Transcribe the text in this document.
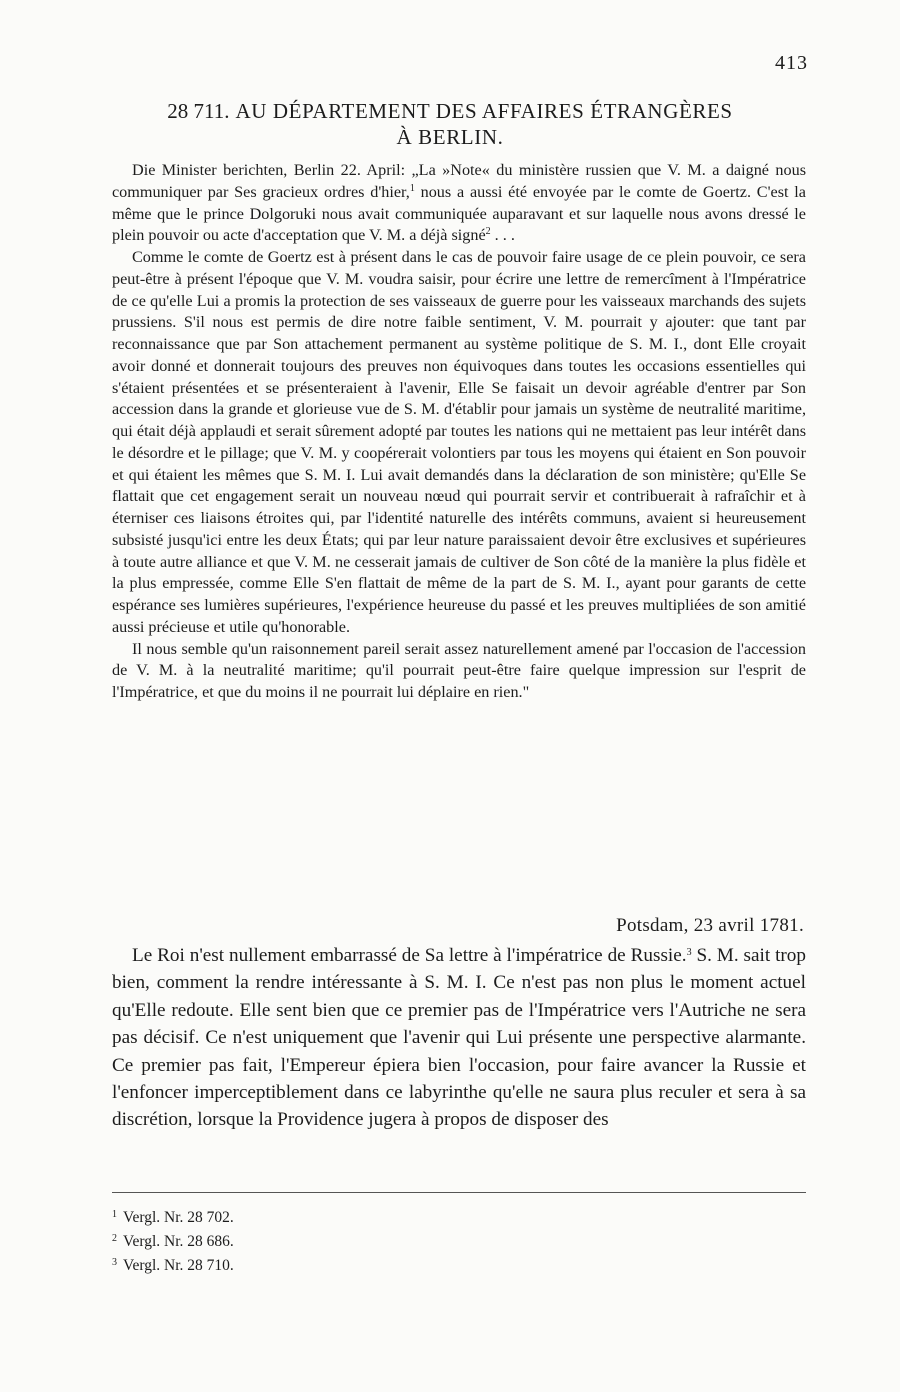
413
28 711. AU DÉPARTEMENT DES AFFAIRES ÉTRANGÈRES
À BERLIN.

Die Minister berichten, Berlin 22. April: „La »Note« du ministère russien que V. M. a daigné nous communiquer par Ses gracieux ordres d'hier,$^1$ nous a aussi été envoyée par le comte de Goertz. C'est la même que le prince Dolgoruki nous avait communiquée auparavant et sur laquelle nous avons dressé le plein pouvoir ou acte d'acceptation que V. M. a déjà signé$^2$ . . .

Comme le comte de Goertz est à présent dans le cas de pouvoir faire usage de ce plein pouvoir, ce sera peut-être à présent l'époque que V. M. voudra saisir, pour écrire une lettre de remercîment à l'Impératrice de ce qu'elle Lui a promis la protection de ses vaisseaux de guerre pour les vaisseaux marchands des sujets prussiens. S'il nous est permis de dire notre faible sentiment, V. M. pourrait y ajouter: que tant par reconnaissance que par Son attachement permanent au système politique de S. M. I., dont Elle croyait avoir donné et donnerait toujours des preuves non équivoques dans toutes les occasions essentielles qui s'étaient présentées et se présenteraient à l'avenir, Elle Se faisait un devoir agréable d'entrer par Son accession dans la grande et glorieuse vue de S. M. d'établir pour jamais un système de neutralité maritime, qui était déjà applaudi et serait sûrement adopté par toutes les nations qui ne mettaient pas leur intérêt dans le désordre et le pillage; que V. M. y coopérerait volontiers par tous les moyens qui étaient en Son pouvoir et qui étaient les mêmes que S. M. I. Lui avait demandés dans la déclaration de son ministère; qu'Elle Se flattait que cet engagement serait un nouveau nœud qui pourrait servir et contribuerait à rafraîchir et à éterniser ces liaisons étroites qui, par l'identité naturelle des intérêts communs, avaient si heureusement subsisté jusqu'ici entre les deux États; qui par leur nature paraissaient devoir être exclusives et supérieures à toute autre alliance et que V. M. ne cesserait jamais de cultiver de Son côté de la manière la plus fidèle et la plus empressée, comme Elle S'en flattait de même de la part de S. M. I., ayant pour garants de cette espérance ses lumières supérieures, l'expérience heureuse du passé et les preuves multipliées de son amitié aussi précieuse et utile qu'honorable.

Il nous semble qu'un raisonnement pareil serait assez naturellement amené par l'occasion de l'accession de V. M. à la neutralité maritime; qu'il pourrait peut-être faire quelque impression sur l'esprit de l'Impératrice, et que du moins il ne pourrait lui déplaire en rien."

Potsdam, 23 avril 1781.

Le Roi n'est nullement embarrassé de Sa lettre à l'impératrice de Russie.$^3$ S. M. sait trop bien, comment la rendre intéressante à S. M. I. Ce n'est pas non plus le moment actuel qu'Elle redoute. Elle sent bien que ce premier pas de l'Impératrice vers l'Autriche ne sera pas décisif. Ce n'est uniquement que l'avenir qui Lui présente une perspective alarmante. Ce premier pas fait, l'Empereur épiera bien l'occasion, pour faire avancer la Russie et l'enfoncer imperceptiblement dans ce labyrinthe qu'elle ne saura plus reculer et sera à sa discrétion, lorsque la Providence jugera à propos de disposer des

$^1$ Vergl. Nr. 28 702.
$^2$ Vergl. Nr. 28 686.
$^3$ Vergl. Nr. 28 710.
